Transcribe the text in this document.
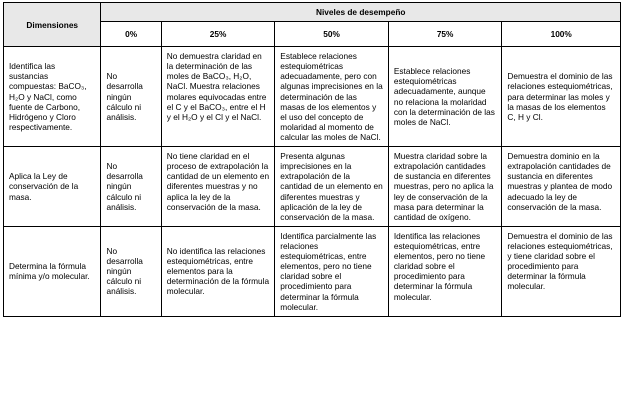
Dimensiones	Niveles de desempeño				
	0%	25%	50%	75%	100%
Identifica las sustancias compuestas: BaCO₃, H₂O y NaCl, como fuente de Carbono, Hidrógeno y Cloro respectivamente.	No desarrolla ningún cálculo ni análisis.	No demuestra claridad en la determinación de las moles de BaCO₃, H₂O, NaCl. Muestra relaciones molares equivocadas entre el C y el BaCO₃, entre el H y el H₂O y el Cl y el NaCl.	Establece relaciones estequiométricas adecuadamente, pero con algunas imprecisiones en la determinación de las masas de los elementos y el uso del concepto de molaridad al momento de calcular las moles de NaCl.	Establece relaciones estequiométricas adecuadamente, aunque no relaciona la molaridad con la determinación de las moles de NaCl.	Demuestra el dominio de las relaciones estequiométricas, para determinar las moles y la masas de los elementos C, H y Cl.
Aplica la Ley de conservación de la masa.	No desarrolla ningún cálculo ni análisis.	No tiene claridad en el proceso de extrapolación la cantidad de un elemento en diferentes muestras y no aplica la ley de la conservación de la masa.	Presenta algunas imprecisiones en la extrapolación de la cantidad de un elemento en diferentes muestras y aplicación de la ley de conservación de la masa.	Muestra claridad sobre la extrapolación cantidades de sustancia en diferentes muestras, pero no aplica la ley de conservación de la masa para determinar la cantidad de oxígeno.	Demuestra dominio en la extrapolación cantidades de sustancia en diferentes muestras y plantea de modo adecuado la ley de conservación de la masa.
Determina la fórmula mínima y/o molecular.	No desarrolla ningún cálculo ni análisis.	No identifica las relaciones estequiométricas, entre elementos para la determinación de la fórmula molecular.	Identifica parcialmente las relaciones estequiométricas, entre elementos, pero no tiene claridad sobre el procedimiento para determinar la fórmula molecular.	Identifica las relaciones estequiométricas, entre elementos, pero no tiene claridad sobre el procedimiento para determinar la fórmula molecular.	Demuestra el dominio de las relaciones estequiométricas, y tiene claridad sobre el procedimiento para determinar la fórmula molecular.
